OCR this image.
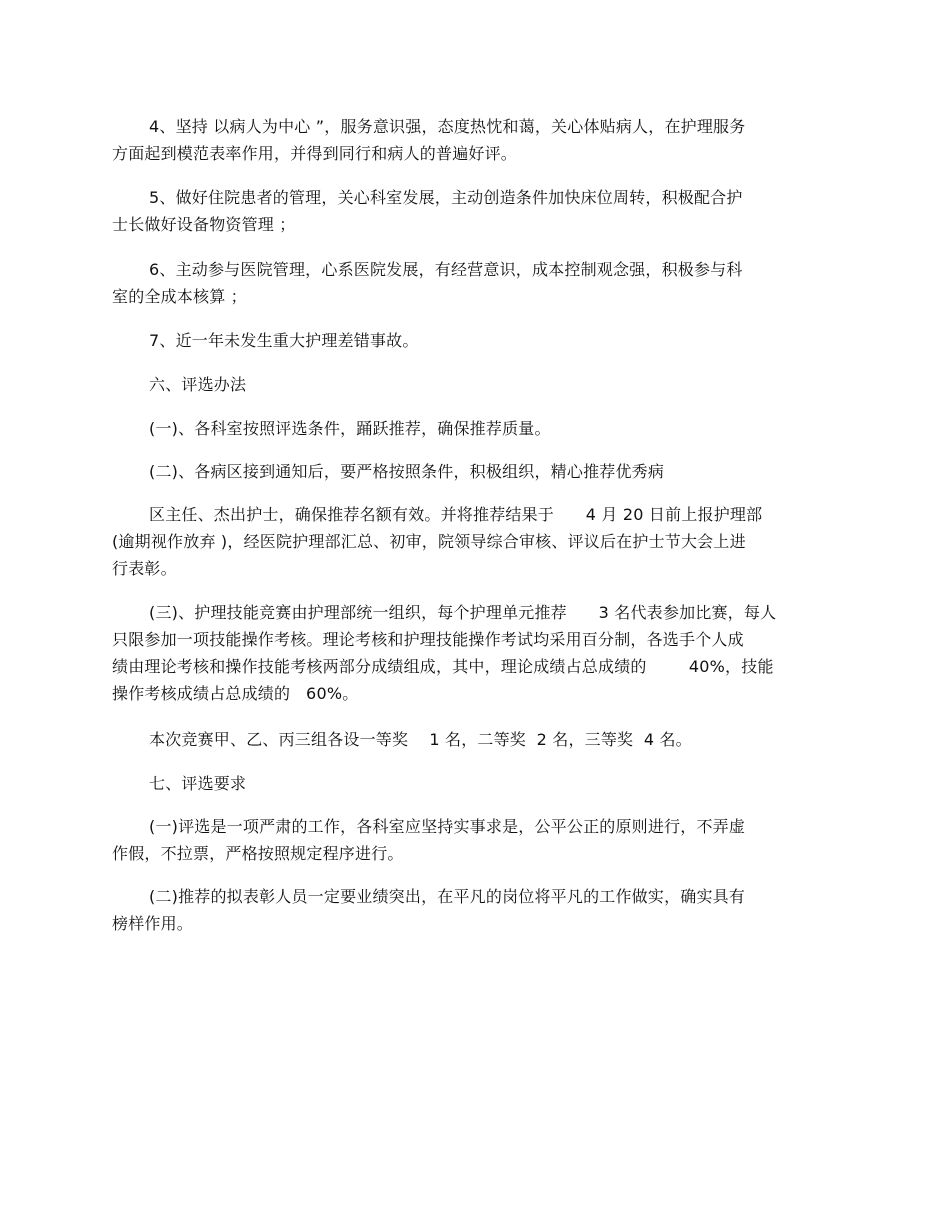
4、坚持 以病人为中心 ”，服务意识强，态度热忱和蔼，关心体贴病人，在护理服务
方面起到模范表率作用，并得到同行和病人的普遍好评。
5、做好住院患者的管理，关心科室发展，主动创造条件加快床位周转，积极配合护
士长做好设备物资管理 ；
6、主动参与医院管理，心系医院发展，有经营意识，成本控制观念强，积极参与科
室的全成本核算 ；
7、近一年未发生重大护理差错事故。
六、评选办法
(一)、各科室按照评选条件，踊跃推荐，确保推荐质量。
(二)、各病区接到通知后，要严格按照条件，积极组织，精心推荐优秀病
区主任、杰出护士，确保推荐名额有效。并将推荐结果于      4 月 20 日前上报护理部
(逾期视作放弃 )，经医院护理部汇总、初审，院领导综合审核、评议后在护士节大会上进
行表彰。
(三)、护理技能竞赛由护理部统一组织，每个护理单元推荐      3 名代表参加比赛，每人
只限参加一项技能操作考核。理论考核和护理技能操作考试均采用百分制，各选手个人成
绩由理论考核和操作技能考核两部分成绩组成，其中，理论成绩占总成绩的        40%，技能
操作考核成绩占总成绩的   60%。
本次竞赛甲、乙、丙三组各设一等奖    1 名，二等奖  2 名，三等奖  4 名。
七、评选要求
(一)评选是一项严肃的工作，各科室应坚持实事求是，公平公正的原则进行，不弄虚
作假，不拉票，严格按照规定程序进行。
(二)推荐的拟表彰人员一定要业绩突出，在平凡的岗位将平凡的工作做实，确实具有
榜样作用。
